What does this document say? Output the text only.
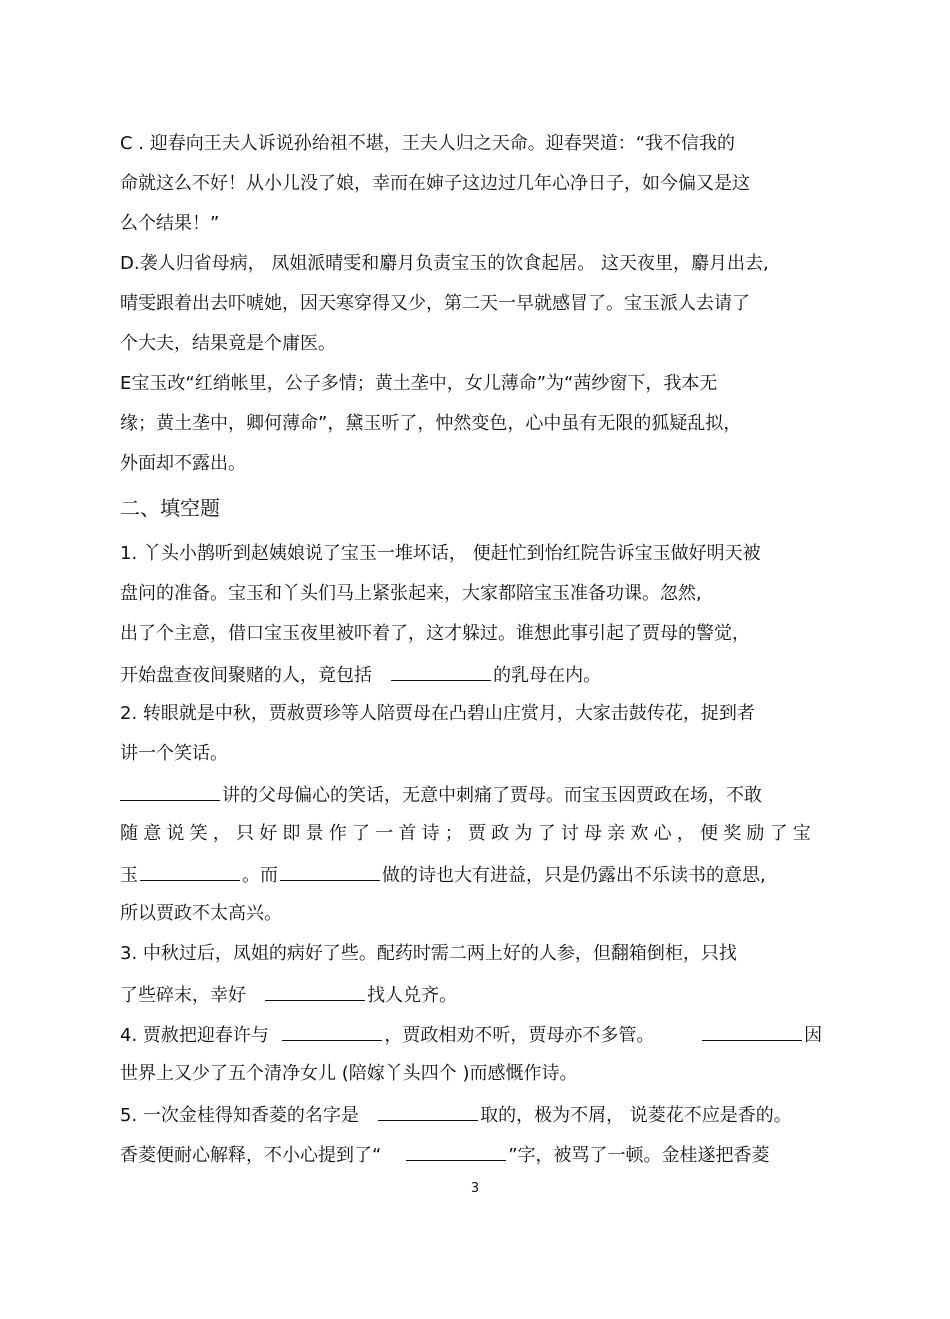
C . 迎春向王夫人诉说孙绐祖不堪，王夫人归之天命。迎春哭道：“我不信我的
命就这么不好！从小儿没了娘，幸而在婶子这边过几年心净日子，如今偏又是这
么个结果！”
D.袭人归省母病， 凤姐派晴雯和麝月负责宝玉的饮食起居。 这天夜里，麝月出去,
晴雯跟着出去吓唬她，因天寒穿得又少，第二天一早就感冒了。宝玉派人去请了
个大夫，结果竟是个庸医。
E宝玉改“红绡帐里，公子多情；黄土垄中，女儿薄命”为“茜纱窗下，我本无
缘；黄土垄中，卿何薄命”，黛玉听了，忡然变色，心中虽有无限的狐疑乱拟，
外面却不露出。
二、填空题
1. 丫头小鹊听到赵姨娘说了宝玉一堆坏话， 便赶忙到怡红院告诉宝玉做好明天被
盘问的准备。宝玉和丫头们马上紧张起来，大家都陪宝玉准备功课。忽然,
出了个主意，借口宝玉夜里被吓着了，这才躲过。谁想此事引起了贾母的警觉，
开始盘查夜间聚赌的人，竟包括	的乳母在内。
2. 转眼就是中秋，贾赦贾珍等人陪贾母在凸碧山庄赏月，大家击鼓传花，捉到者
讲一个笑话。
讲的父母偏心的笑话，无意中刺痛了贾母。而宝玉因贾政在场，不敢
随意说笑，只好即景作了一首诗；贾政为了讨母亲欢心，便奖励了宝
玉	。而	做的诗也大有进益，只是仍露出不乐读书的意思,
所以贾政不太高兴。
3. 中秋过后，凤姐的病好了些。配药时需二两上好的人参，但翻箱倒柜，只找
了些碎末，幸好	找人兑齐。
4. 贾赦把迎春许与	，贾政相劝不听，贾母亦不多管。	因
世界上又少了五个清净女儿 (陪嫁丫头四个 )而感慨作诗。
5. 一次金桂得知香菱的名字是	取的，极为不屑， 说菱花不应是香的。
香菱便耐心解释，不小心提到了“	”字，被骂了一顿。金桂遂把香菱
3
